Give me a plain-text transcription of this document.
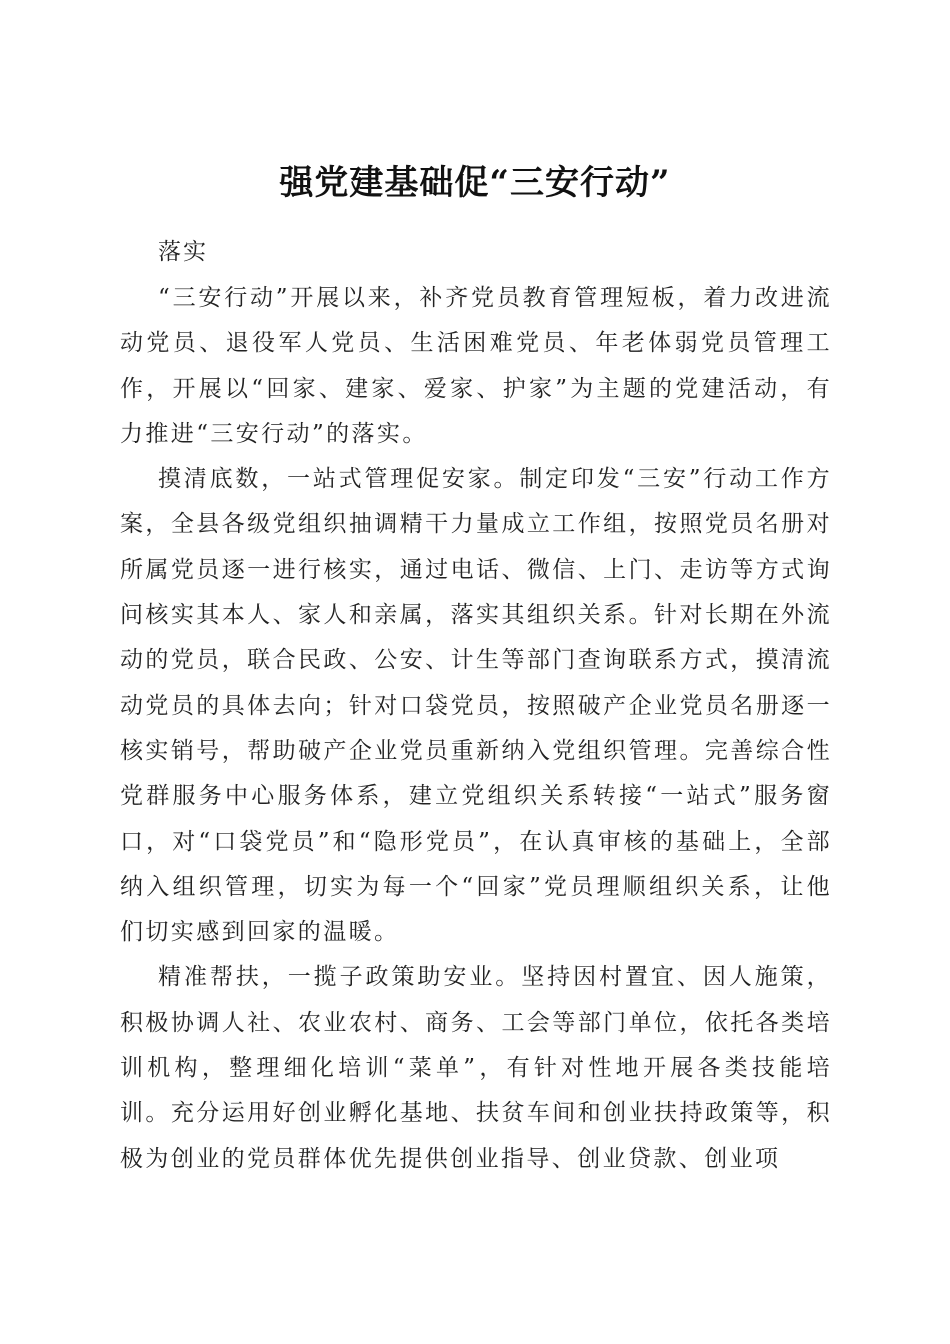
强党建基础促“三安行动”
落实

“三安行动”开展以来，补齐党员教育管理短板，着力改进流动党员、退役军人党员、生活困难党员、年老体弱党员管理工作，开展以“回家、建家、爱家、护家”为主题的党建活动，有力推进“三安行动”的落实。

摸清底数，一站式管理促安家。制定印发“三安”行动工作方案，全县各级党组织抽调精干力量成立工作组，按照党员名册对所属党员逐一进行核实，通过电话、微信、上门、走访等方式询问核实其本人、家人和亲属，落实其组织关系。针对长期在外流动的党员，联合民政、公安、计生等部门查询联系方式，摸清流动党员的具体去向；针对口袋党员，按照破产企业党员名册逐一核实销号，帮助破产企业党员重新纳入党组织管理。完善综合性党群服务中心服务体系，建立党组织关系转接“一站式”服务窗口，对“口袋党员”和“隐形党员”，在认真审核的基础上，全部纳入组织管理，切实为每一个“回家”党员理顺组织关系，让他们切实感到回家的温暖。

精准帮扶，一揽子政策助安业。坚持因村置宜、因人施策，积极协调人社、农业农村、商务、工会等部门单位，依托各类培训机构，整理细化培训“菜单”，有针对性地开展各类技能培训。充分运用好创业孵化基地、扶贫车间和创业扶持政策等，积极为创业的党员群体优先提供创业指导、创业贷款、创业项
